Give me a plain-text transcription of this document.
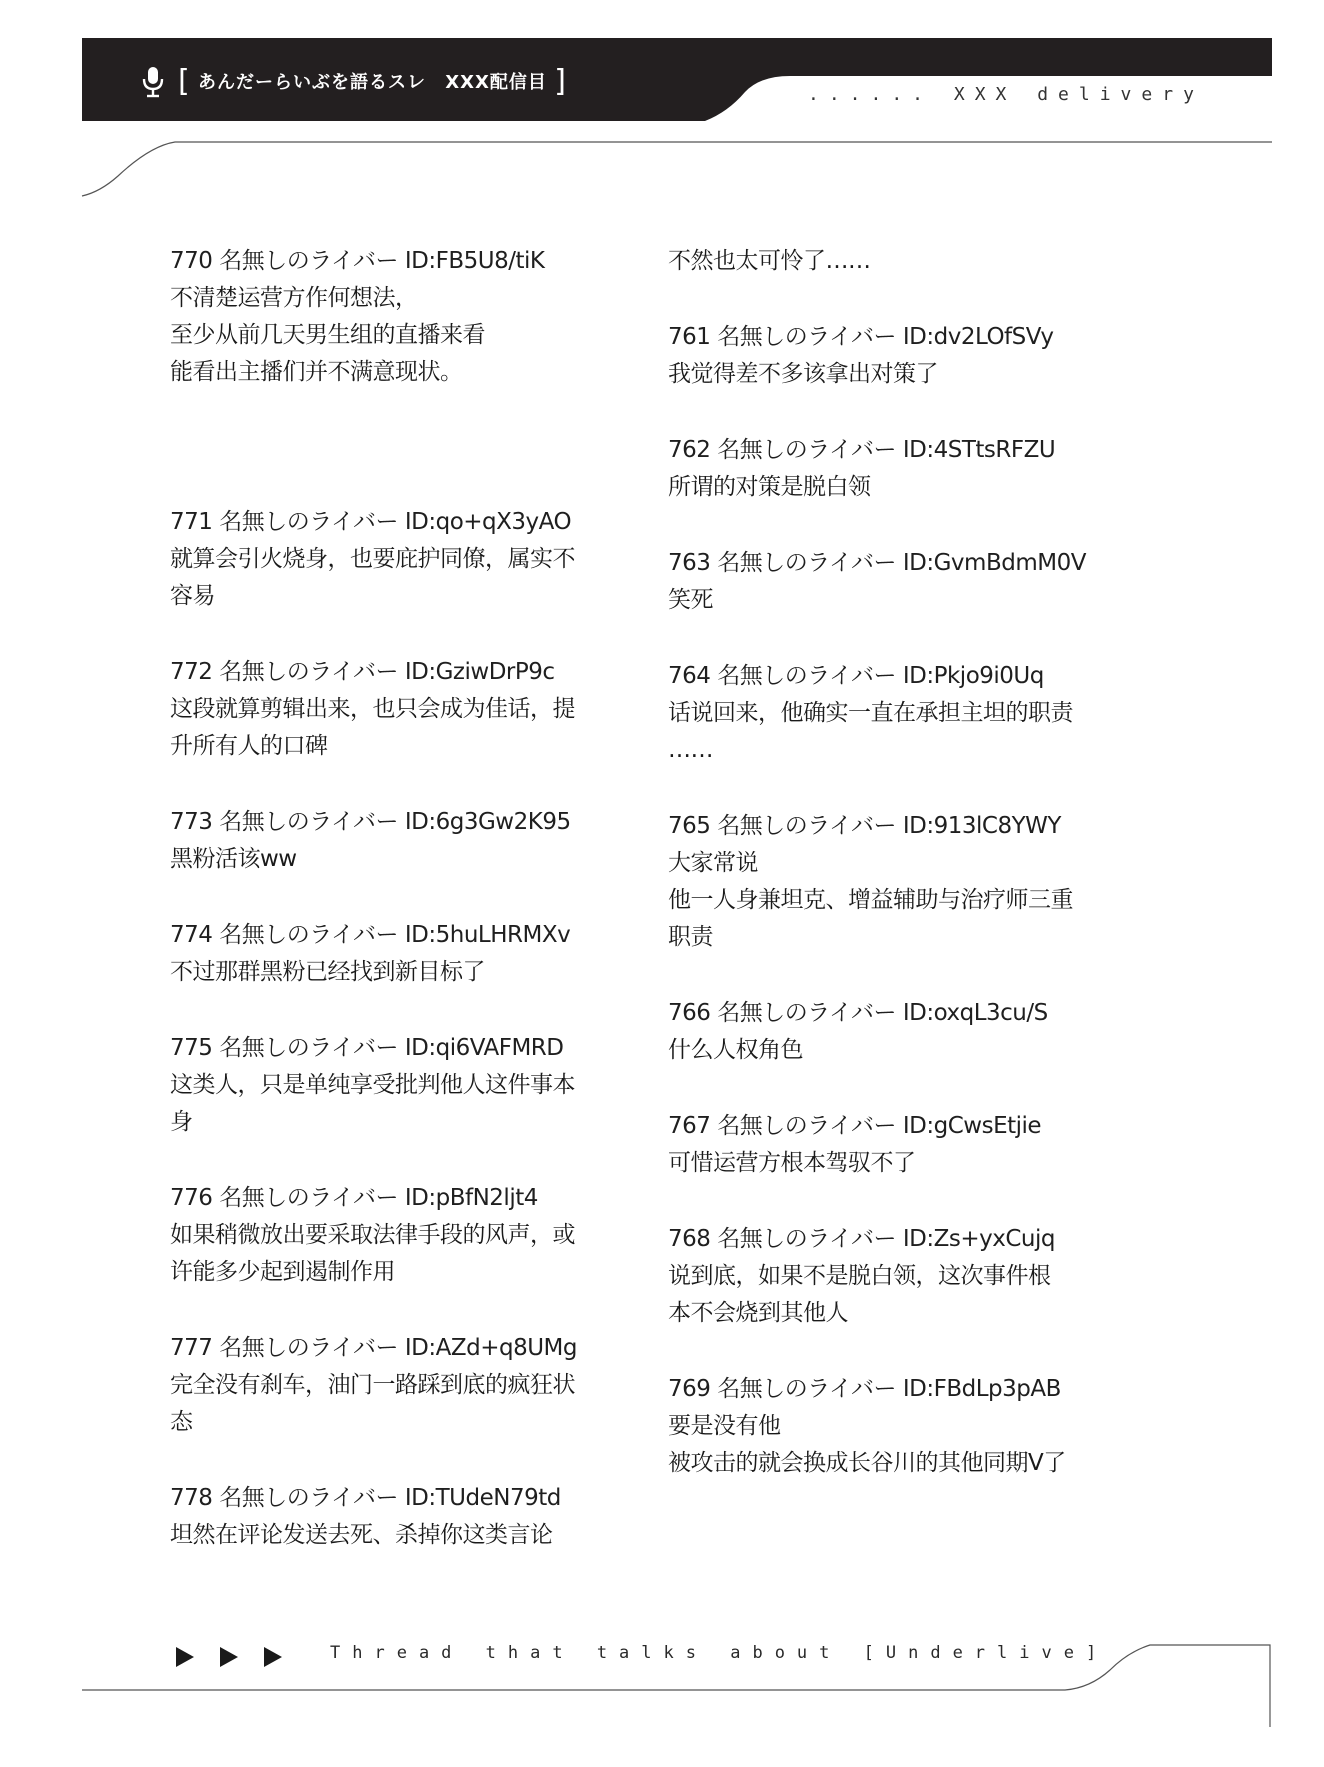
[ あんだーらいぶを語るスレ XXX配信目 ]	...... XXX delivery
770 名無しのライバー ID:FB5U8/tiK
不清楚运营方作何想法，
至少从前几天男生组的直播来看
能看出主播们并不满意现状。
771 名無しのライバー ID:qo+qX3yAO
就算会引火烧身，也要庇护同僚，属实不
容易
772 名無しのライバー ID:GziwDrP9c
这段就算剪辑出来，也只会成为佳话，提
升所有人的口碑
773 名無しのライバー ID:6g3Gw2K95
黑粉活该ww
774 名無しのライバー ID:5huLHRMXv
不过那群黑粉已经找到新目标了
775 名無しのライバー ID:qi6VAFMRD
这类人，只是单纯享受批判他人这件事本
身
776 名無しのライバー ID:pBfN2ljt4
如果稍微放出要采取法律手段的风声，或
许能多少起到遏制作用
777 名無しのライバー ID:AZd+q8UMg
完全没有刹车，油门一路踩到底的疯狂状
态
778 名無しのライバー ID:TUdeN79td
坦然在评论发送去死、杀掉你这类言论
不然也太可怜了……
761 名無しのライバー ID:dv2LOfSVy
我觉得差不多该拿出对策了
762 名無しのライバー ID:4STtsRFZU
所谓的对策是脱白领
763 名無しのライバー ID:GvmBdmM0V
笑死
764 名無しのライバー ID:Pkjo9i0Uq
话说回来，他确实一直在承担主坦的职责
……
765 名無しのライバー ID:913lC8YWY
大家常说
他一人身兼坦克、增益辅助与治疗师三重
职责
766 名無しのライバー ID:oxqL3cu/S
什么人权角色
767 名無しのライバー ID:gCwsEtjie
可惜运营方根本驾驭不了
768 名無しのライバー ID:Zs+yxCujq
说到底，如果不是脱白领，这次事件根
本不会烧到其他人
769 名無しのライバー ID:FBdLp3pAB
要是没有他
被攻击的就会换成长谷川的其他同期V了
Thread that talks about [Underlive]
